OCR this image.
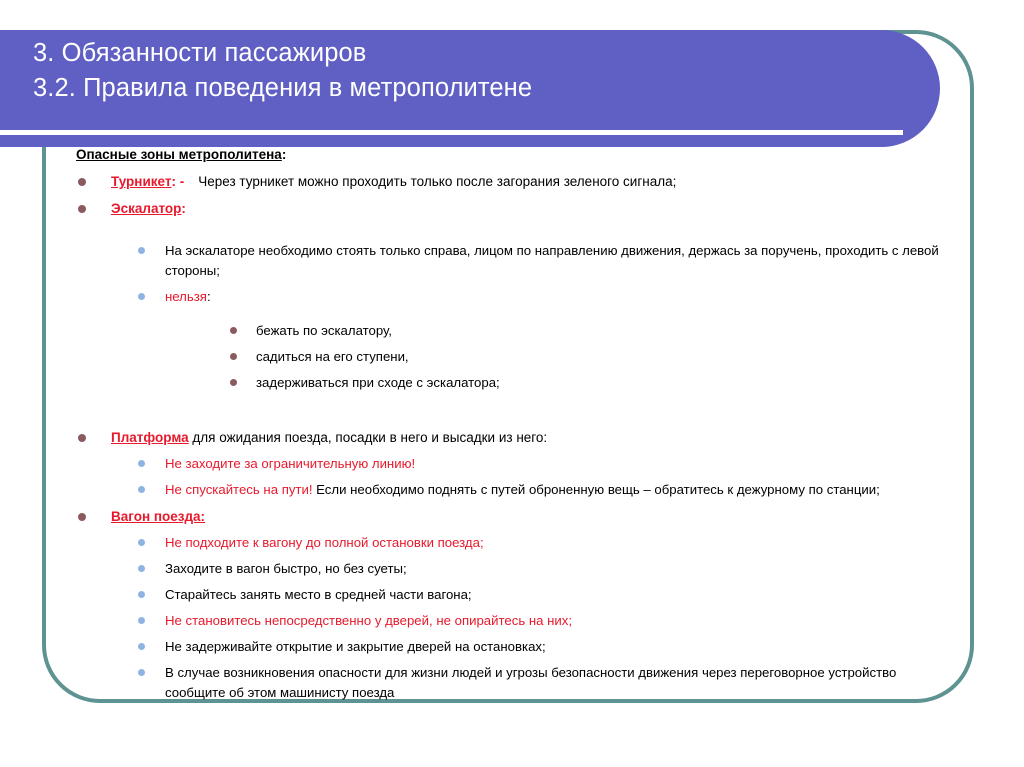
3. Обязанности пассажиров
3.2. Правила поведения в метрополитене
Опасные зоны метрополитена:
Турникет: - Через турникет можно проходить только после загорания зеленого сигнала;
Эскалатор:
На эскалаторе необходимо стоять только справа, лицом по направлению движения, держась за поручень, проходить с левой стороны;
нельзя:
бежать по эскалатору,
садиться на его ступени,
задерживаться при сходе с эскалатора;
Платформа для ожидания поезда, посадки в него и высадки из него:
Не заходите за ограничительную линию!
Не спускайтесь на пути! Если необходимо поднять с путей оброненную вещь – обратитесь к дежурному по станции;
Вагон поезда:
Не подходите к вагону до полной остановки поезда;
Заходите в вагон быстро, но без суеты;
Старайтесь занять место в средней части вагона;
Не становитесь непосредственно у дверей, не опирайтесь на них;
Не задерживайте открытие и закрытие дверей на остановках;
В случае возникновения опасности для жизни людей и угрозы безопасности движения через переговорное устройство сообщите об этом машинисту поезда
